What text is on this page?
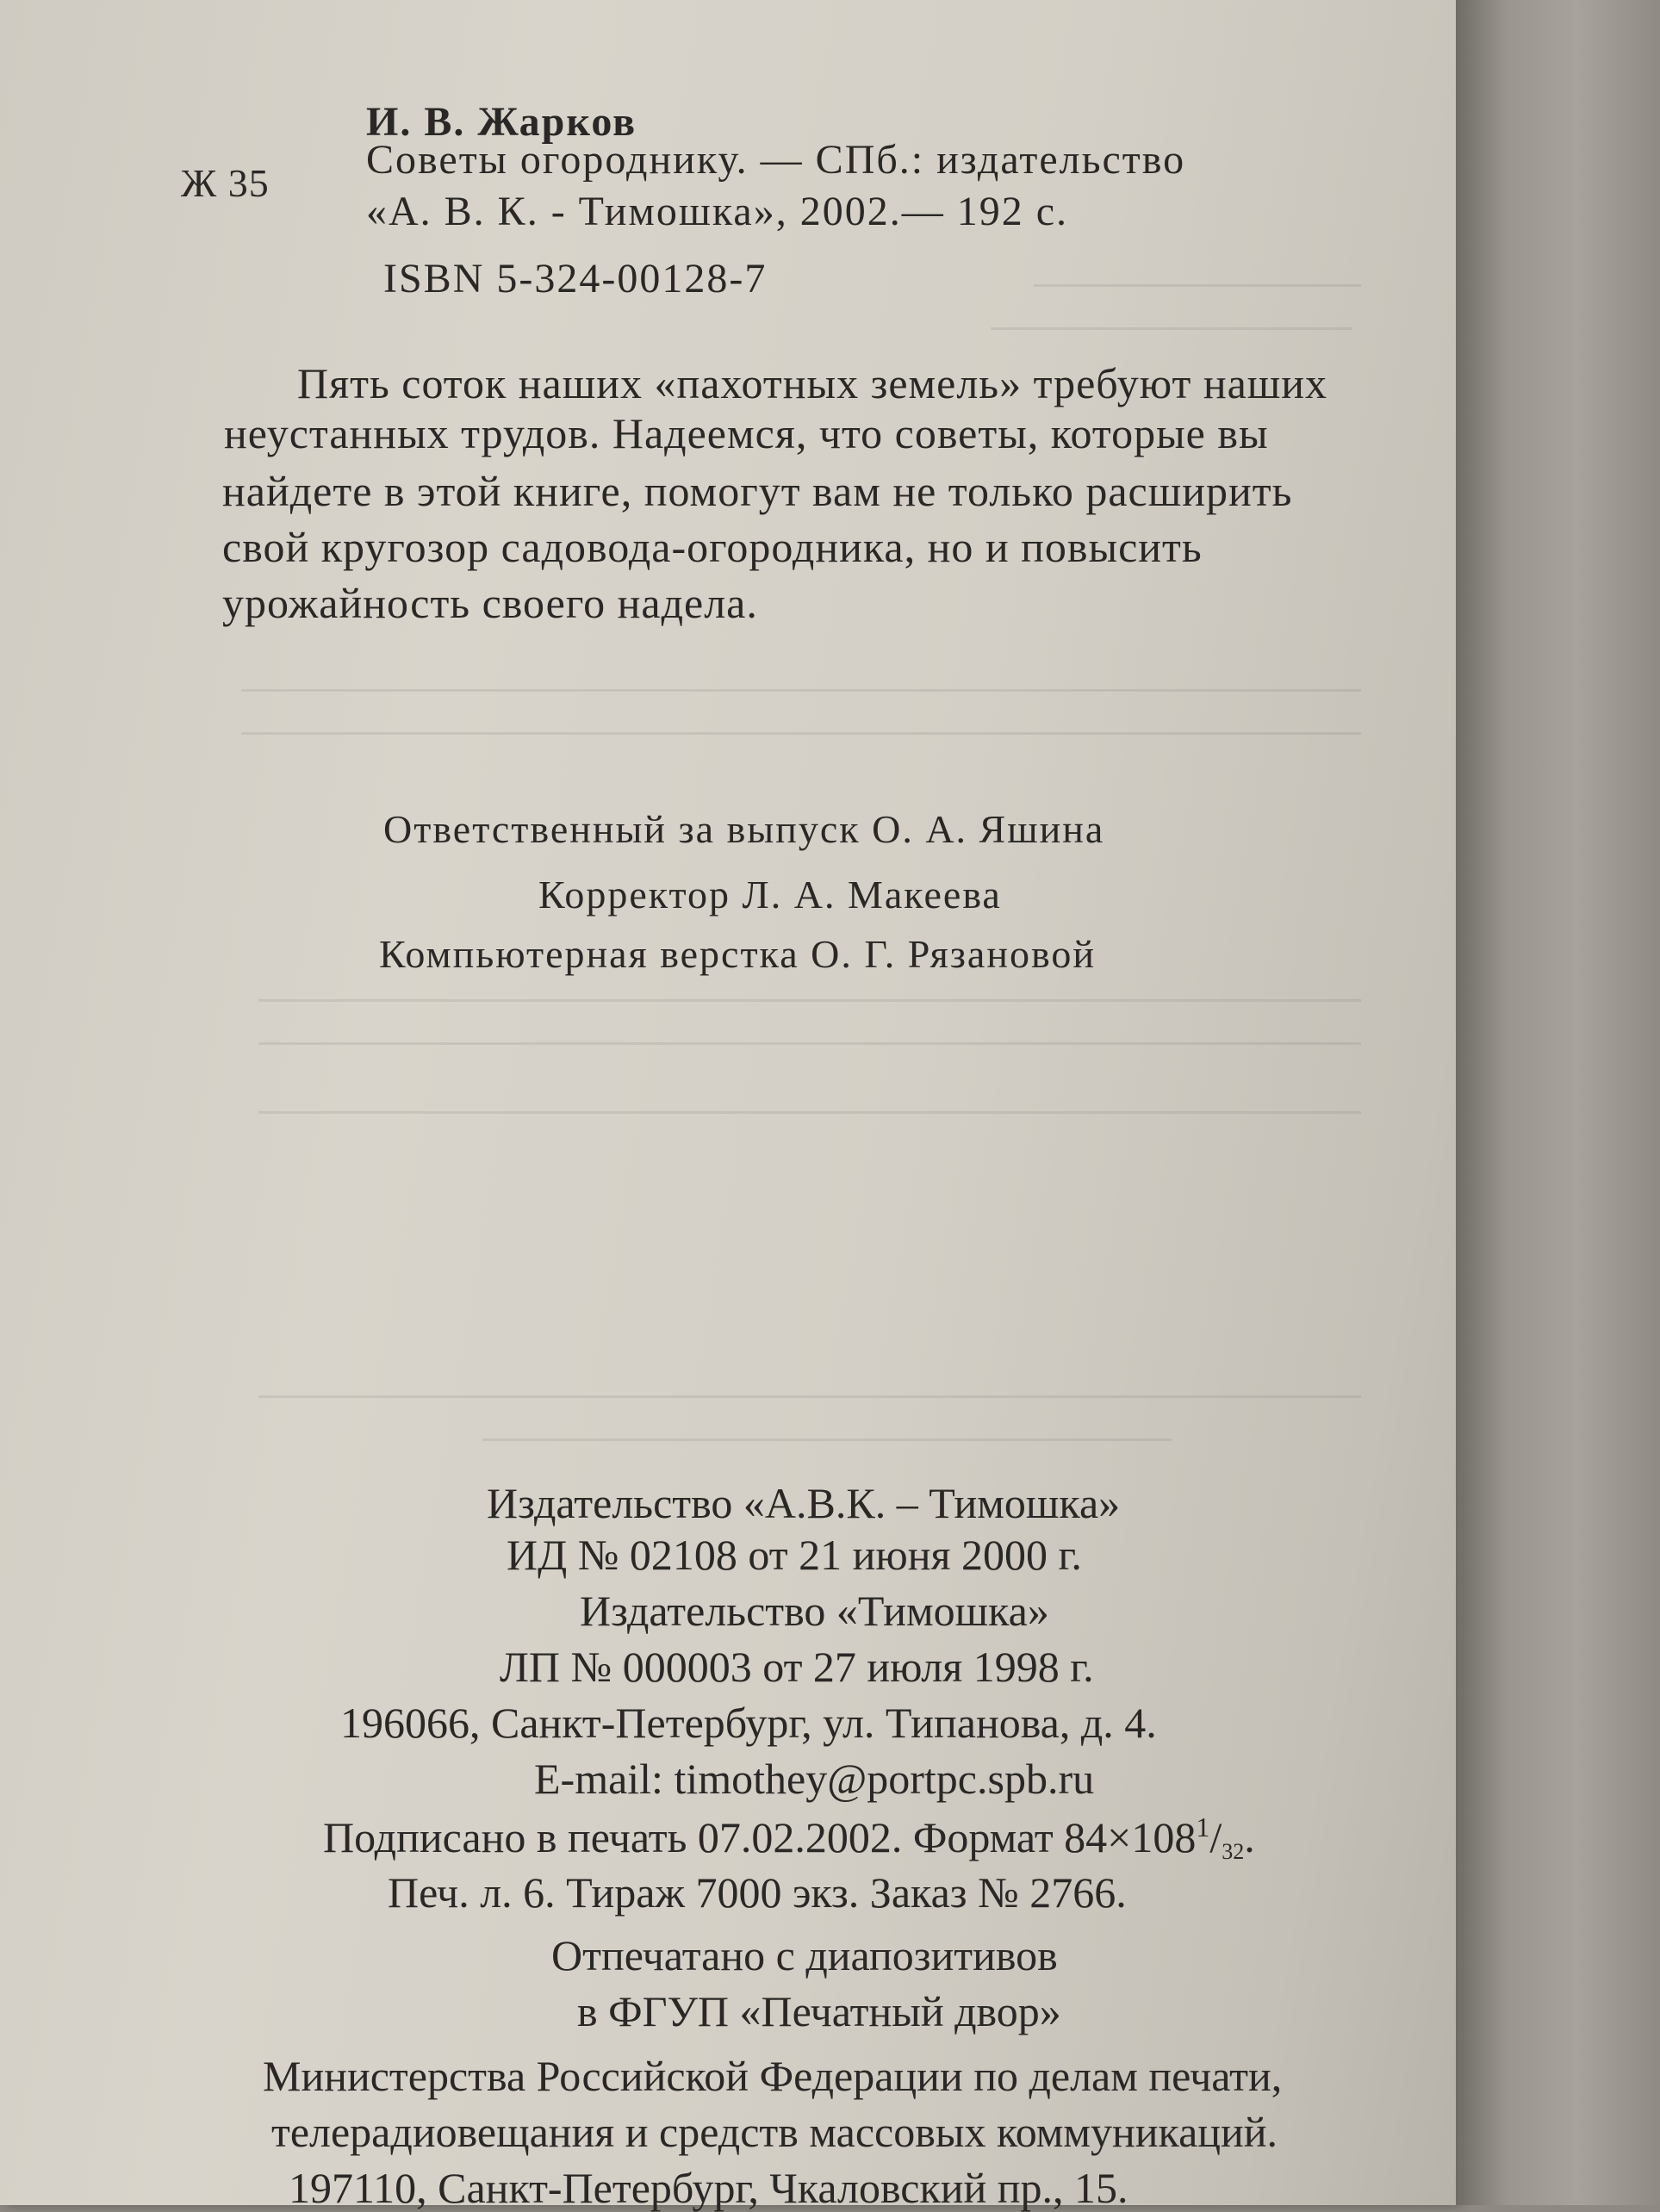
И. В. Жарков
Ж 35
Советы огороднику. — СПб.: издательство
«А. В. К. - Тимошка», 2002.— 192 с.
ISBN 5-324-00128-7
Пять соток наших «пахотных земель» требуют наших
неустанных трудов. Надеемся, что советы, которые вы
найдете в этой книге, помогут вам не только расширить
свой кругозор садовода-огородника, но и повысить
урожайность своего надела.
Ответственный за выпуск О. А. Яшина
Корректор Л. А. Макеева
Компьютерная верстка О. Г. Рязановой
Издательство «А.В.К. – Тимошка»
ИД № 02108 от 21 июня 2000 г.
Издательство «Тимошка»
ЛП № 000003 от 27 июля 1998 г.
196066, Санкт-Петербург, ул. Типанова, д. 4.
E-mail: timothey@portpc.spb.ru
Подписано в печать 07.02.2002. Формат $84\times 108^1/32$.
Печ. л. 6. Тираж 7000 экз. Заказ № 2766.
Отпечатано с диапозитивов
в ФГУП «Печатный двор»
Министерства Российской Федерации по делам печати,
телерадиовещания и средств массовых коммуникаций.
197110, Санкт-Петербург, Чкаловский пр., 15.
